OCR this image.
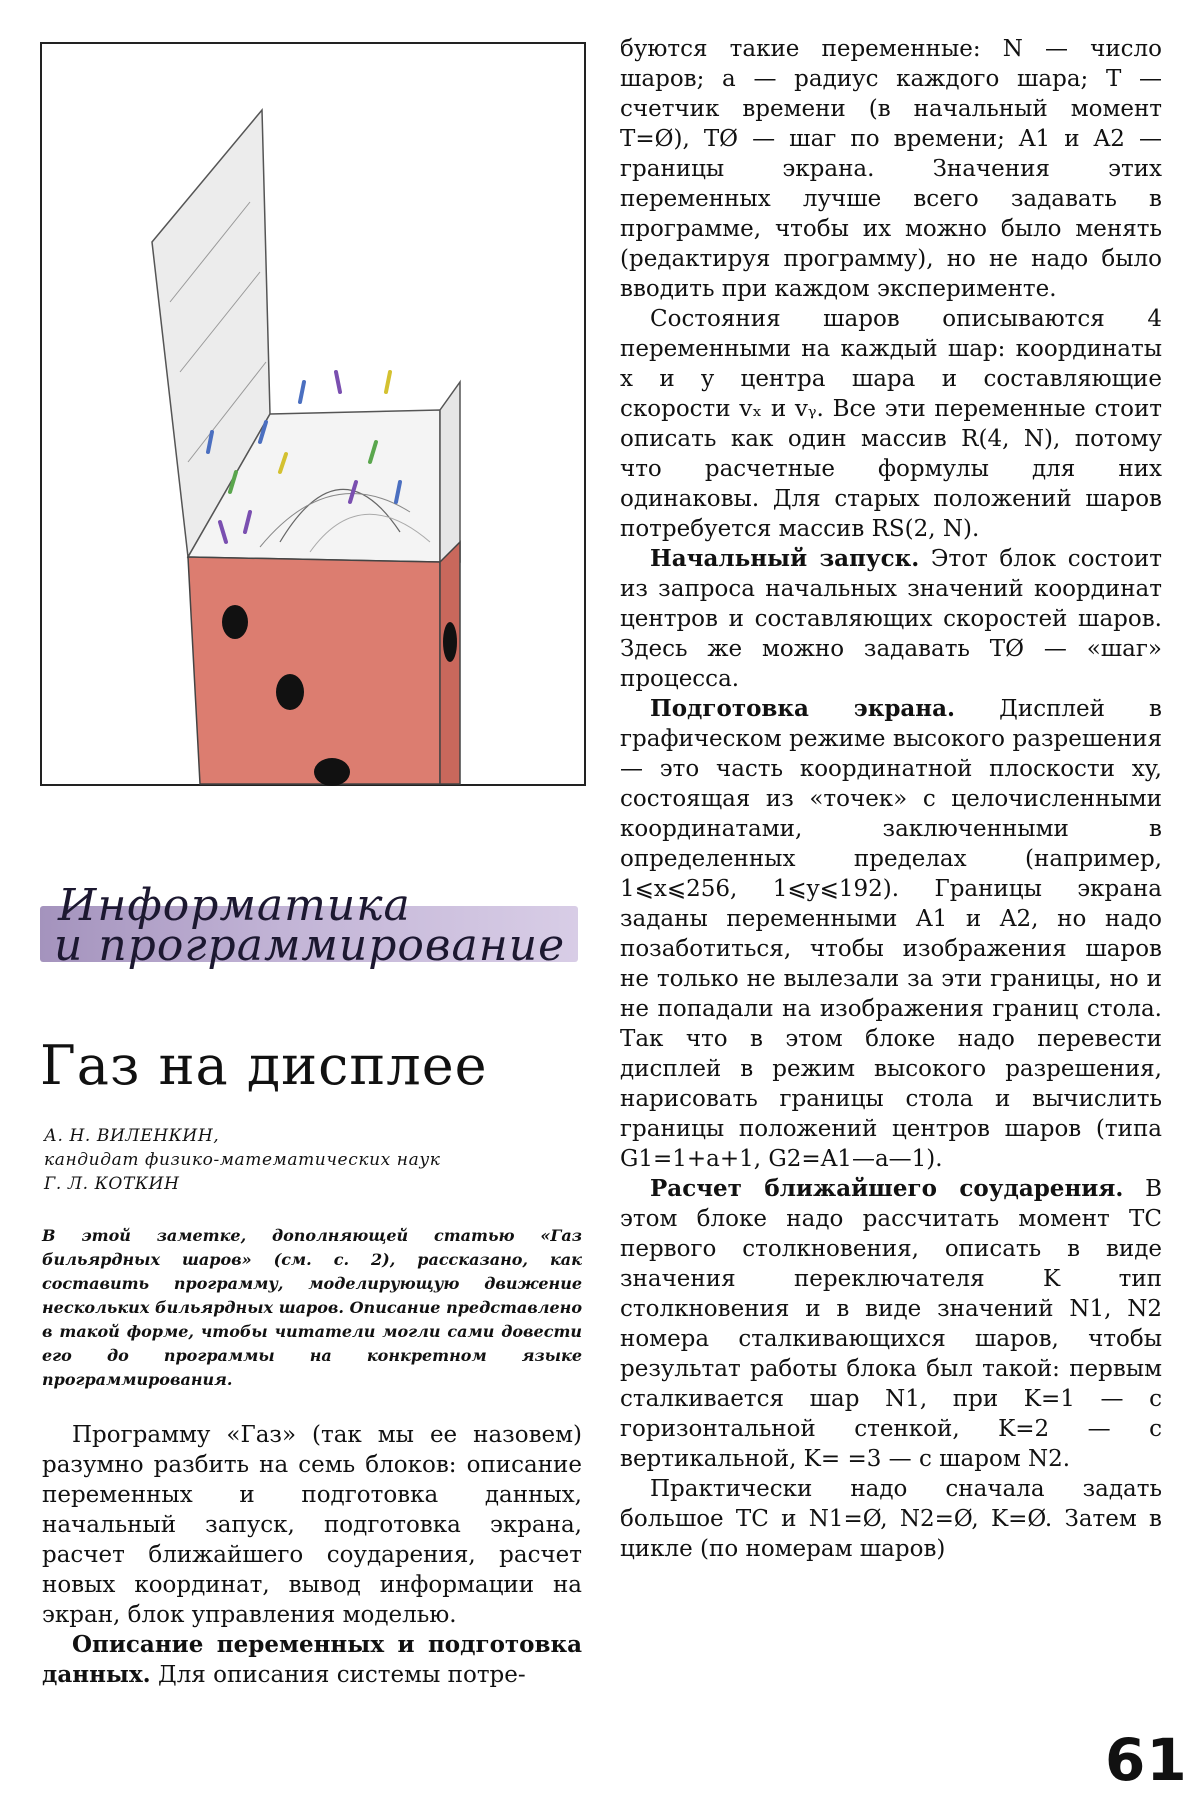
Информатика
и программирование
Газ на дисплее
А. Н. ВИЛЕНКИН,
кандидат физико-математических наук
Г. Л. КОТКИН

В этой заметке, дополняющей статью «Газ бильярдных шаров» (см. с. 2), рассказано, как составить программу, моделирующую движение нескольких бильярдных шаров. Описание представлено в такой форме, чтобы читатели могли сами довести его до программы на конкретном языке программирования.

Программу «Газ» (так мы ее назовем) разумно разбить на семь блоков: описание переменных и подготовка данных, начальный запуск, подготовка экрана, расчет ближайшего соударения, расчет новых координат, вывод информации на экран, блок управления моделью.

Описание переменных и подготовка данных. Для описания системы потре-

буются такие переменные: N — число шаров; a — радиус каждого шара; T — счетчик времени (в начальный момент T=Ø), TØ — шаг по времени; A1 и A2 — границы экрана. Значения этих переменных лучше всего задавать в программе, чтобы их можно было менять (редактируя программу), но не надо было вводить при каждом эксперименте.

Состояния шаров описываются 4 переменными на каждый шар: координаты x и y центра шара и составляющие скорости vₓ и vᵧ. Все эти переменные стоит описать как один массив R(4, N), потому что расчетные формулы для них одинаковы. Для старых положений шаров потребуется массив RS(2, N).

Начальный запуск. Этот блок состоит из запроса начальных значений координат центров и составляющих скоростей шаров. Здесь же можно задавать TØ — «шаг» процесса.

Подготовка экрана. Дисплей в графическом режиме высокого разрешения — это часть координатной плоскости xy, состоящая из «точек» с целочисленными координатами, заключенными в определенных пределах (например, 1⩽x⩽256, 1⩽y⩽192). Границы экрана заданы переменными A1 и A2, но надо позаботиться, чтобы изображения шаров не только не вылезали за эти границы, но и не попадали на изображения границ стола. Так что в этом блоке надо перевести дисплей в режим высокого разрешения, нарисовать границы стола и вычислить границы положений центров шаров (типа G1=1+a+1, G2=A1—a—1).

Расчет ближайшего соударения. В этом блоке надо рассчитать момент TC первого столкновения, описать в виде значения переключателя K тип столкновения и в виде значений N1, N2 номера сталкивающихся шаров, чтобы результат работы блока был такой: первым сталкивается шар N1, при K=1 — с горизонтальной стенкой, K=2 — с вертикальной, K= =3 — с шаром N2.

Практически надо сначала задать большое TC и N1=Ø, N2=Ø, K=Ø. Затем в цикле (по номерам шаров)

61
